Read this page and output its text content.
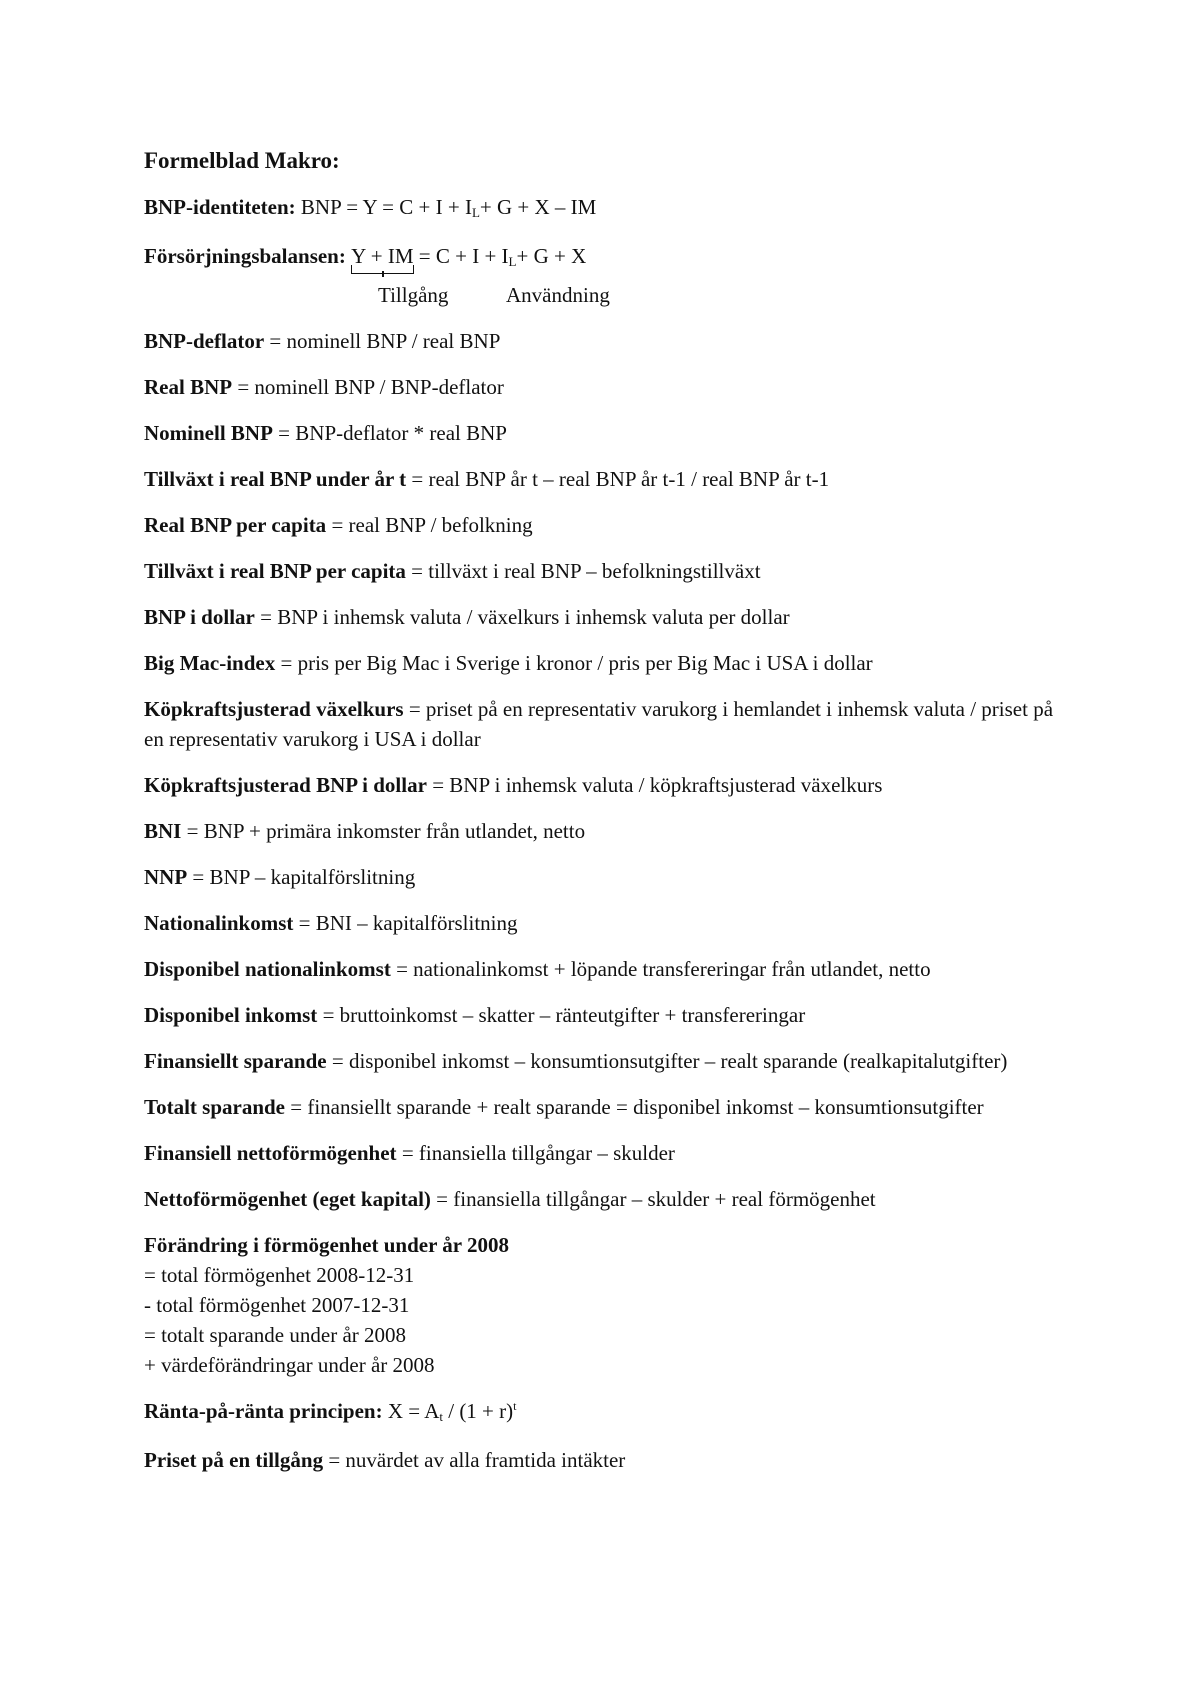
Formelblad Makro:
BNP-identiteten: BNP = Y = C + I + IL+ G + X – IM
Försörjningsbalansen: Y + IM
= C + I + IL+ G + X
Tillgång	Användning
BNP-deflator = nominell BNP / real BNP
Real BNP = nominell BNP / BNP-deflator
Nominell BNP = BNP-deflator * real BNP
Tillväxt i real BNP under år t = real BNP år t – real BNP år t-1 / real BNP år t-1
Real BNP per capita = real BNP / befolkning
Tillväxt i real BNP per capita = tillväxt i real BNP – befolkningstillväxt
BNP i dollar = BNP i inhemsk valuta / växelkurs i inhemsk valuta per dollar
Big Mac-index = pris per Big Mac i Sverige i kronor / pris per Big Mac i USA i dollar
Köpkraftsjusterad växelkurs = priset på en representativ varukorg i hemlandet i inhemsk valuta / priset på en representativ varukorg i USA i dollar
Köpkraftsjusterad BNP i dollar = BNP i inhemsk valuta / köpkraftsjusterad växelkurs
BNI = BNP + primära inkomster från utlandet, netto
NNP = BNP – kapitalförslitning
Nationalinkomst = BNI – kapitalförslitning
Disponibel nationalinkomst = nationalinkomst + löpande transfereringar från utlandet, netto
Disponibel inkomst = bruttoinkomst – skatter – ränteutgifter + transfereringar
Finansiellt sparande = disponibel inkomst – konsumtionsutgifter – realt sparande (realkapitalutgifter)
Totalt sparande = finansiellt sparande + realt sparande = disponibel inkomst – konsumtionsutgifter
Finansiell nettoförmögenhet = finansiella tillgångar – skulder
Nettoförmögenhet (eget kapital) = finansiella tillgångar – skulder + real förmögenhet
Förändring i förmögenhet under år 2008
= total förmögenhet 2008-12-31
- total förmögenhet 2007-12-31
= totalt sparande under år 2008
+ värdeförändringar under år 2008
Ränta-på-ränta principen: $X = At / (1 + r)^t$
Priset på en tillgång = nuvärdet av alla framtida intäkter
